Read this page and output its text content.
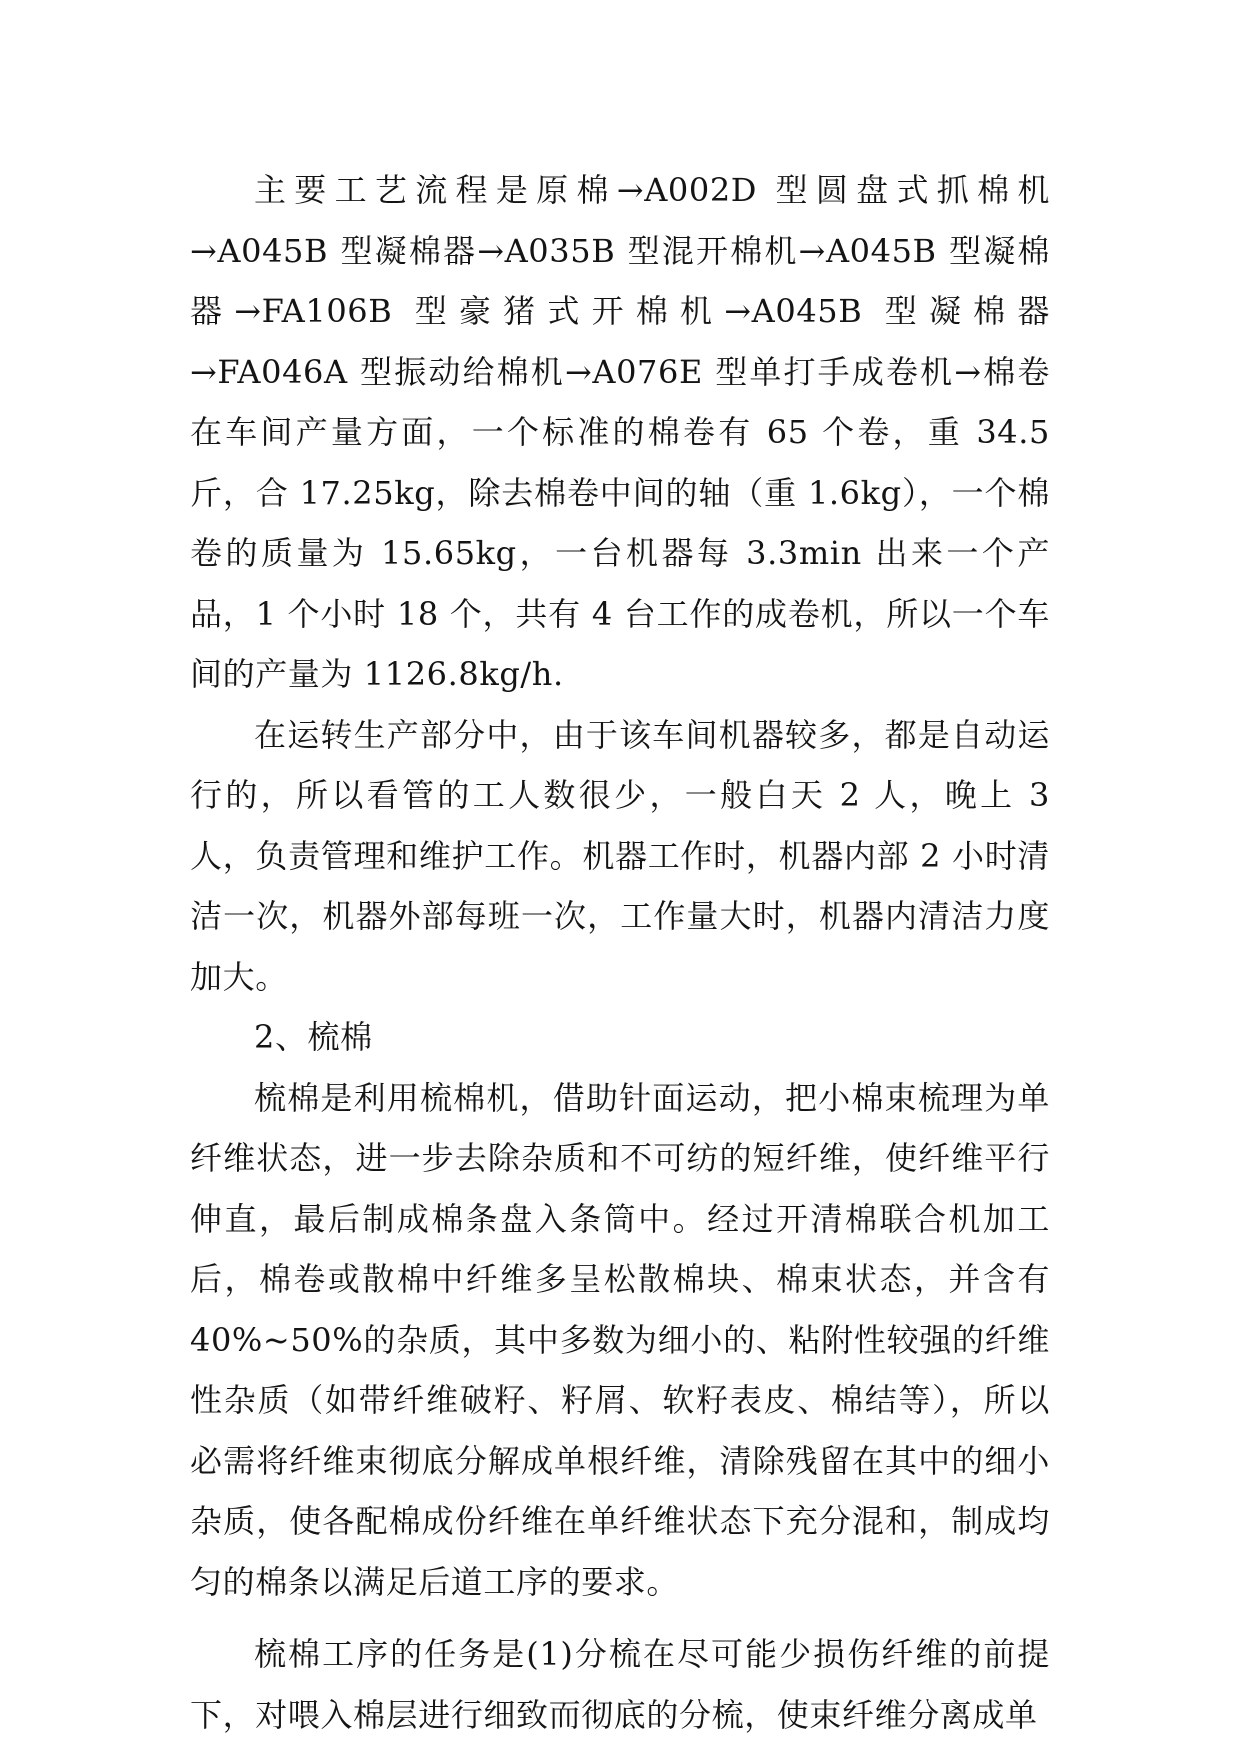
主要工艺流程是原棉→A002D 型圆盘式抓棉机→A045B 型凝棉器→A035B 型混开棉机→A045B 型凝棉器→FA106B 型豪猪式开棉机→A045B 型凝棉器→FA046A 型振动给棉机→A076E 型单打手成卷机→棉卷在车间产量方面，一个标准的棉卷有 65 个卷，重 34.5 斤，合 17.25kg，除去棉卷中间的轴（重 1.6kg），一个棉卷的质量为 15.65kg，一台机器每 3.3min 出来一个产品，1 个小时 18 个，共有 4 台工作的成卷机，所以一个车间的产量为 1126.8kg/h.

在运转生产部分中，由于该车间机器较多，都是自动运行的，所以看管的工人数很少，一般白天 2 人，晚上 3 人，负责管理和维护工作。机器工作时，机器内部 2 小时清洁一次，机器外部每班一次，工作量大时，机器内清洁力度加大。

2、梳棉

梳棉是利用梳棉机，借助针面运动，把小棉束梳理为单纤维状态，进一步去除杂质和不可纺的短纤维，使纤维平行伸直，最后制成棉条盘入条筒中。经过开清棉联合机加工后，棉卷或散棉中纤维多呈松散棉块、棉束状态，并含有 40%~50%的杂质，其中多数为细小的、粘附性较强的纤维性杂质（如带纤维破籽、籽屑、软籽表皮、棉结等），所以必需将纤维束彻底分解成单根纤维，清除残留在其中的细小杂质，使各配棉成份纤维在单纤维状态下充分混和，制成均匀的棉条以满足后道工序的要求。

梳棉工序的任务是(1)分梳在尽可能少损伤纤维的前提下，对喂入棉层进行细致而彻底的分梳，使束纤维分离成单
